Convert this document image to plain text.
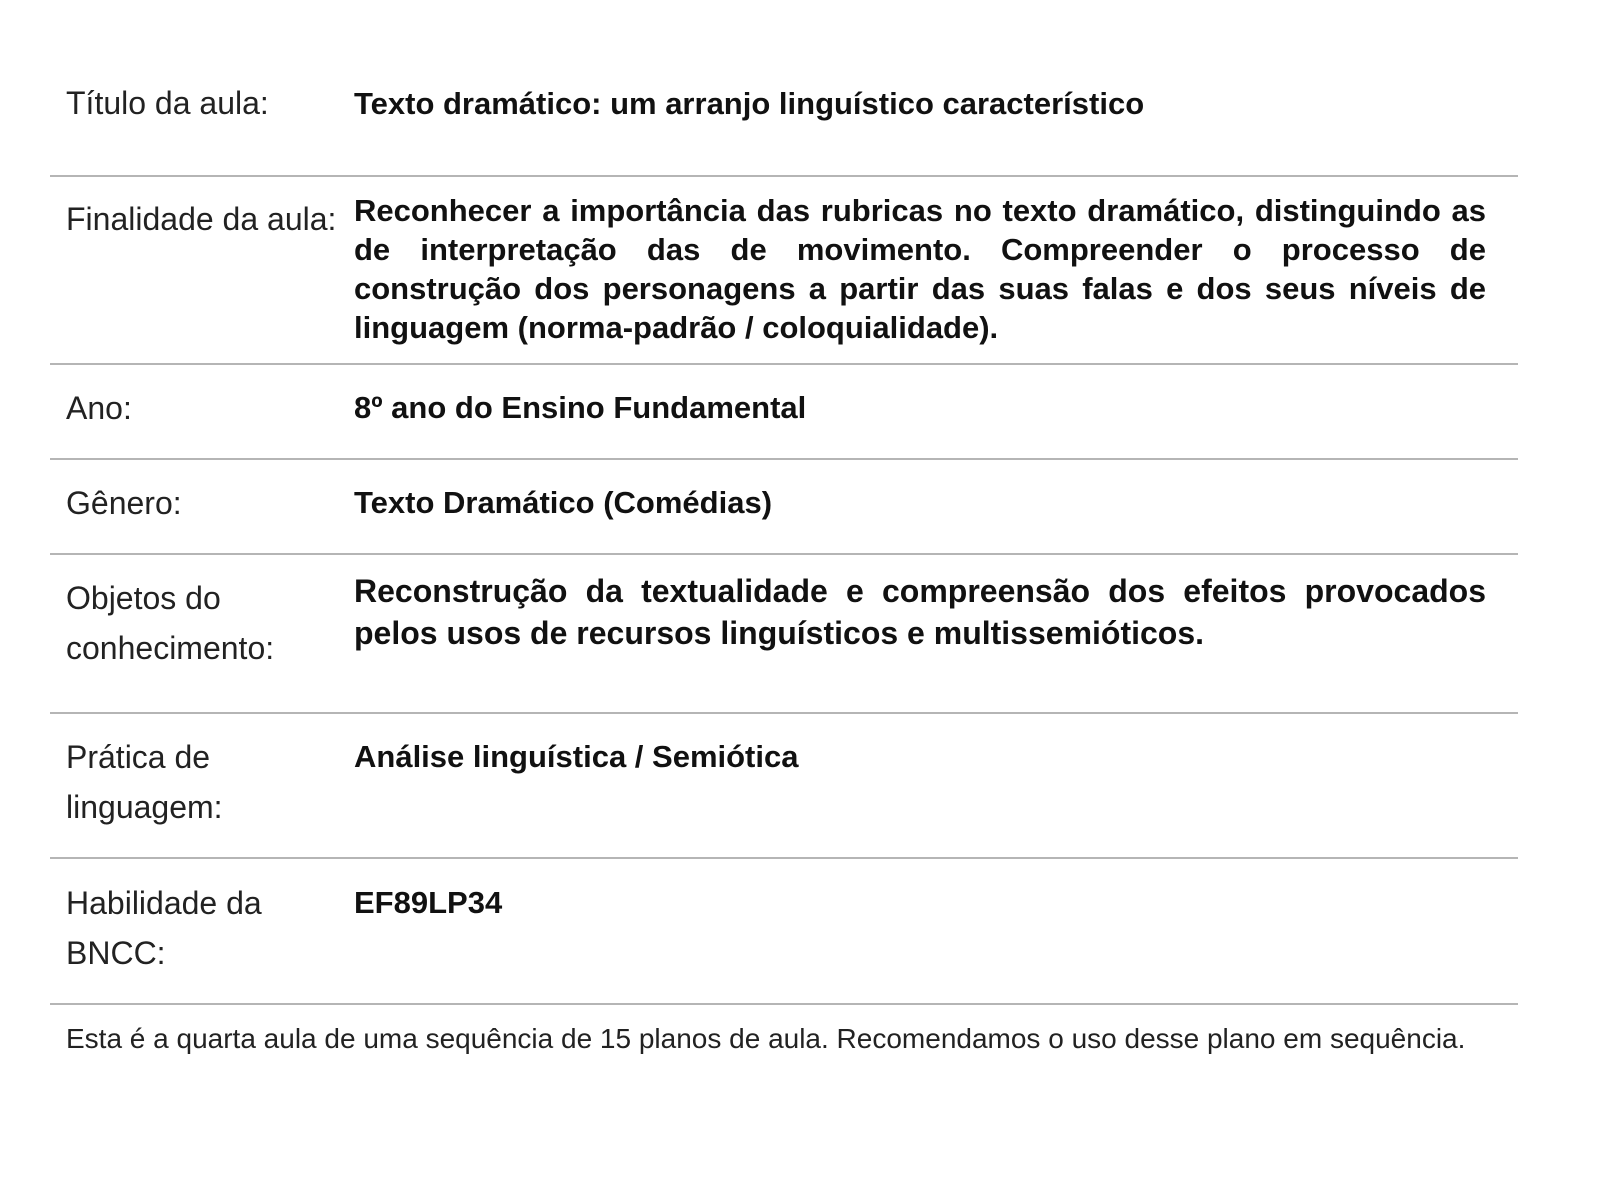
Título da aula:	Texto dramático: um arranjo linguístico característico
Finalidade da aula: Reconhecer a importância das rubricas no texto dramático, distinguindo as de interpretação das de movimento. Compreender o processo de construção dos personagens a partir das suas falas e dos seus níveis de linguagem (norma-padrão / coloquialidade).
Ano:	8º ano do Ensino Fundamental
Gênero:	Texto Dramático (Comédias)
Objetos do conhecimento:
Reconstrução da textualidade e compreensão dos efeitos provocados pelos usos de recursos linguísticos e multissemióticos.
Prática de linguagem:
Análise linguística / Semiótica
Habilidade da BNCC:
EF89LP34
Esta é a quarta aula de uma sequência de 15 planos de aula. Recomendamos o uso desse plano em sequência.
